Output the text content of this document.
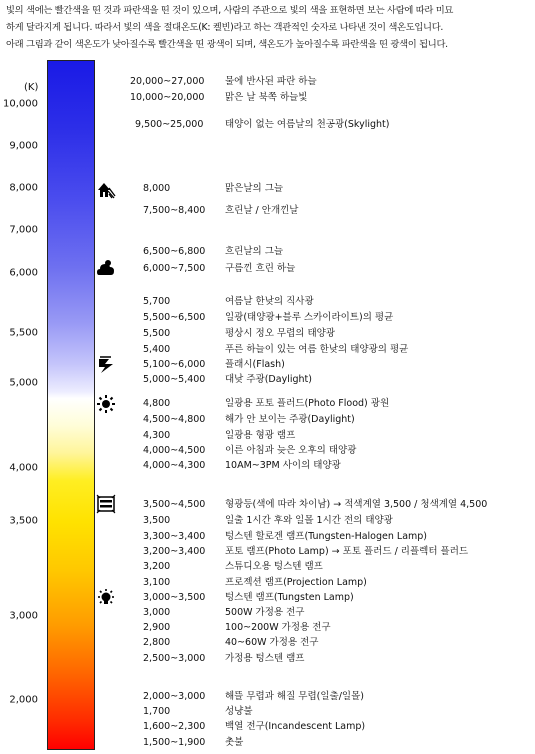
빛의 색에는 빨간색을 띤 것과 파란색을 띤 것이 있으며, 사람의 주관으로 빛의 색을 표현하면 보는 사람에 따라 미묘
하게 달라지게 됩니다. 따라서 빛의 색을 절대온도(K: 켈빈)라고 하는 객관적인 숫자로 나타낸 것이 색온도입니다.
아래 그림과 같이 색온도가 낮아질수록 빨간색을 띤 광색이 되며, 색온도가 높아질수록 파란색을 띤 광색이 됩니다.
(K)
10,000
9,000
8,000
7,000
6,000
5,500
5,000
4,000
3,500
3,000
2,000
20,000~27,000	물에 반사된 파란 하늘
10,000~20,000	맑은 날 북쪽 하늘빛
9,500~25,000	태양이 없는 여름날의 천공광(Skylight)
8,000	맑은날의 그늘
7,500~8,400	흐린날 / 안개낀날
6,500~6,800	흐린날의 그늘
6,000~7,500	구름낀 흐린 하늘
5,700	여름날 한낮의 직사광
5,500~6,500	일광(태양광+블루 스카이라이트)의 평균
5,500	평상시 정오 무렵의 태양광
5,400	푸른 하늘이 있는 여름 한낮의 태양광의 평균
5,100~6,000	플래시(Flash)
5,000~5,400	대낮 주광(Daylight)
4,800	일광용 포토 플러드(Photo Flood) 광원
4,500~4,800	해가 안 보이는 주광(Daylight)
4,300	일광용 형광 램프
4,000~4,500	이른 아침과 늦은 오후의 태양광
4,000~4,300	10AM~3PM 사이의 태양광
3,500~4,500	형광등(색에 따라 차이남) → 적색계열 3,500 / 청색계열 4,500
3,500	일출 1시간 후와 일몰 1시간 전의 태양광
3,300~3,400	텅스텐 할로겐 램프(Tungsten-Halogen Lamp)
3,200~3,400	포토 램프(Photo Lamp) → 포토 플러드 / 리플렉터 플러드
3,200	스튜디오용 텅스텐 램프
3,100	프로젝션 램프(Projection Lamp)
3,000~3,500	텅스텐 램프(Tungsten Lamp)
3,000	500W 가정용 전구
2,900	100~200W 가정용 전구
2,800	40~60W 가정용 전구
2,500~3,000	가정용 텅스텐 램프
2,000~3,000	해뜰 무렵과 해질 무렵(일출/일몰)
1,700	성냥불
1,600~2,300	백열 전구(Incandescent Lamp)
1,500~1,900	촛불
